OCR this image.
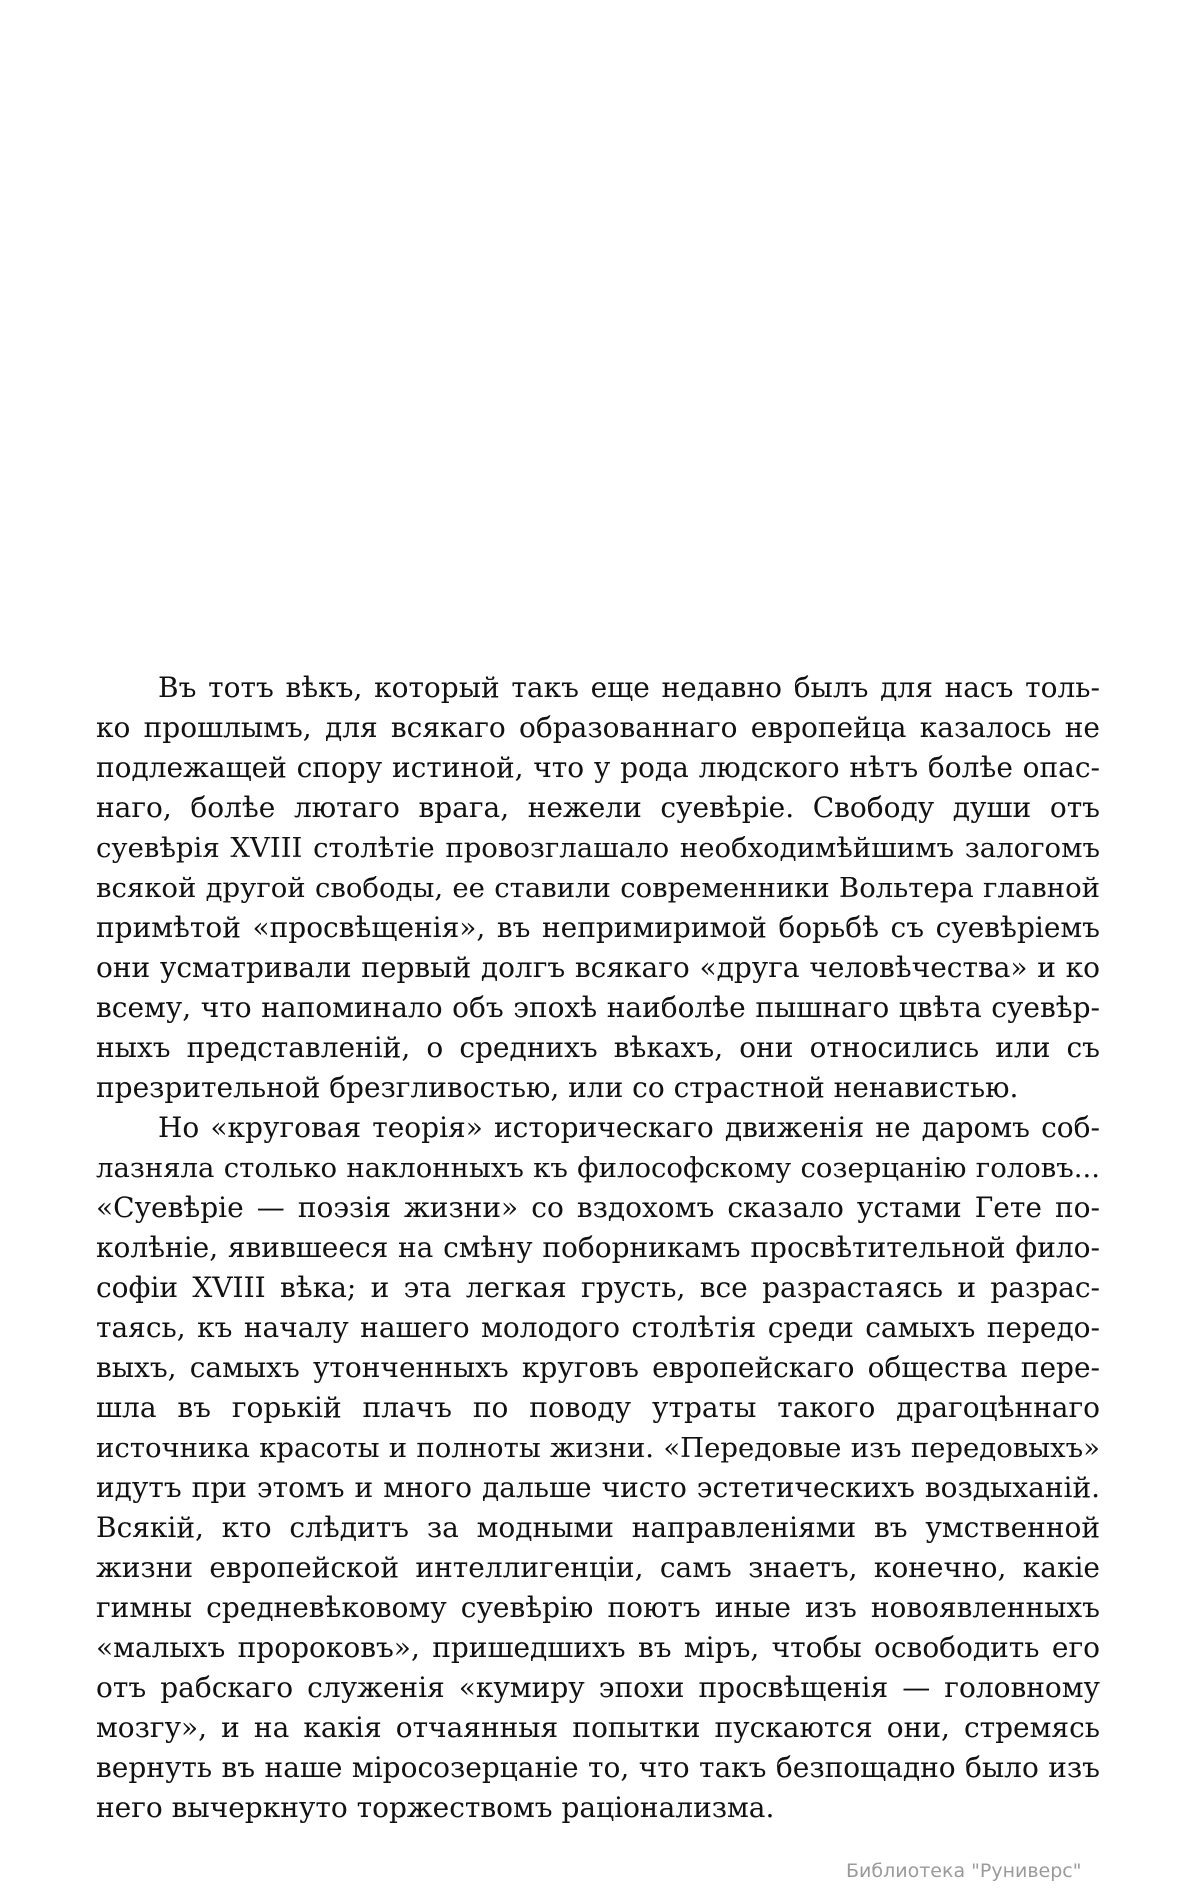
Въ тотъ вѣкъ, который такъ еще недавно былъ для насъ толь-
ко прошлымъ, для всякаго образованнаго европейца казалось не
подлежащей спору истиной, что у рода людского нѣтъ болѣе опас-
наго, болѣе лютаго врага, нежели суевѣріе. Свободу души отъ
суевѣрія XVIII столѣтіе провозглашало необходимѣйшимъ залогомъ
всякой другой свободы, ее ставили современники Вольтера главной
примѣтой «просвѣщенія», въ непримиримой борьбѣ съ суевѣріемъ
они усматривали первый долгъ всякаго «друга человѣчества» и ко
всему, что напоминало объ эпохѣ наиболѣе пышнаго цвѣта суевѣр-
ныхъ представленій, о среднихъ вѣкахъ, они относились или съ
презрительной брезгливостью, или со страстной ненавистью.
Но «круговая теорія» историческаго движенія не даромъ соб-
лазняла столько наклонныхъ къ философскому созерцанію головъ...
«Суевѣріе — поэзія жизни» со вздохомъ сказало устами Гете по-
колѣніе, явившееся на смѣну поборникамъ просвѣтительной фило-
софіи XVIII вѣка; и эта легкая грусть, все разрастаясь и разрас-
таясь, къ началу нашего молодого столѣтія среди самыхъ передо-
выхъ, самыхъ утонченныхъ круговъ европейскаго общества пере-
шла въ горькій плачъ по поводу утраты такого драгоцѣннаго
источника красоты и полноты жизни. «Передовые изъ передовыхъ»
идутъ при этомъ и много дальше чисто эстетическихъ воздыханій.
Всякій, кто слѣдитъ за модными направленіями въ умственной
жизни европейской интеллигенціи, самъ знаетъ, конечно, какіе
гимны средневѣковому суевѣрію поютъ иные изъ новоявленныхъ
«малыхъ пророковъ», пришедшихъ въ міръ, чтобы освободить его
отъ рабскаго служенія «кумиру эпохи просвѣщенія — головному
мозгу», и на какія отчаянныя попытки пускаются они, стремясь
вернуть въ наше міросозерцаніе то, что такъ безпощадно было изъ
него вычеркнуто торжествомъ раціонализма.
Библиотека "Руниверс"
